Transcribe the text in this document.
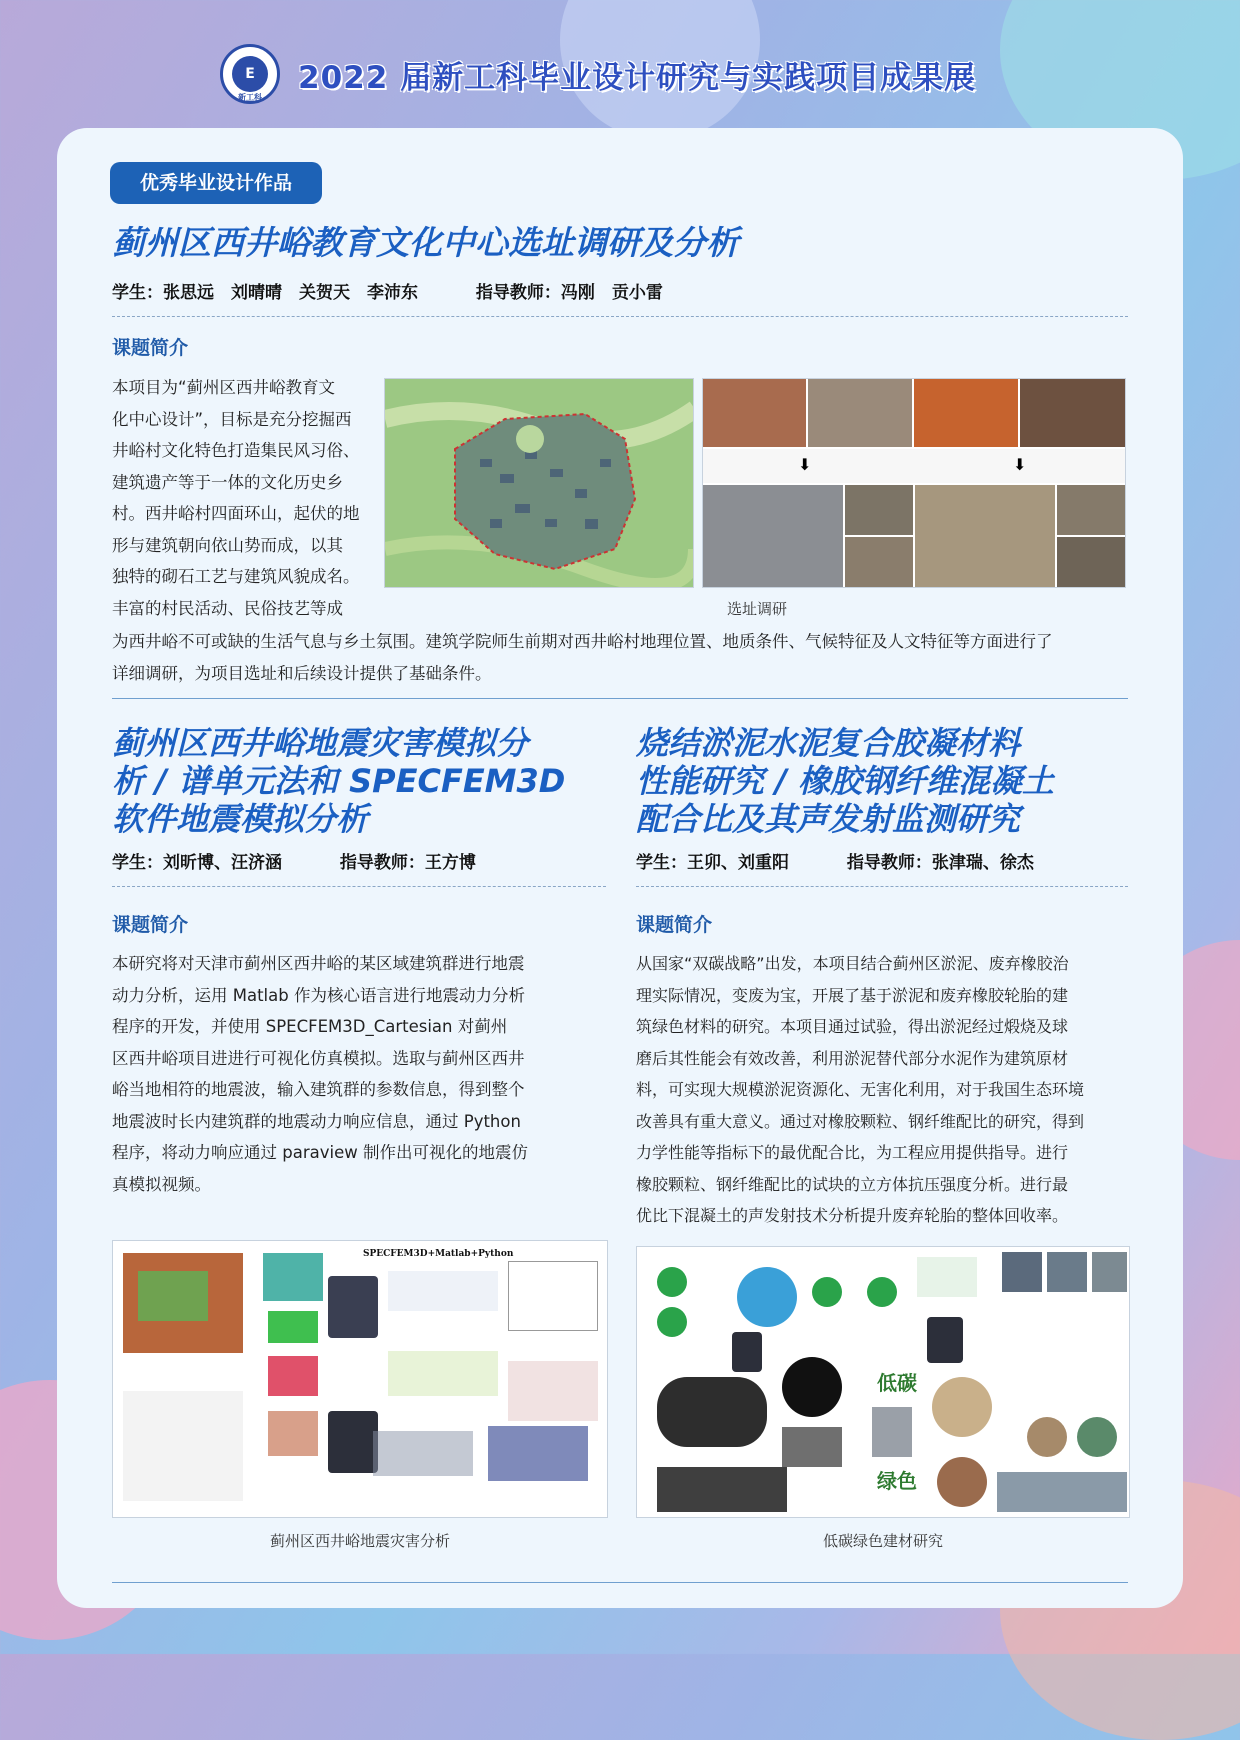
E	2022 届新工科毕业设计研究与实践项目成果展
新工科
优秀毕业设计作品
蓟州区西井峪教育文化中心选址调研及分析
学生：张思远　刘晴晴　关贺天　李沛东	指导教师：冯刚　贡小雷
课题简介
本项目为“蓟州区西井峪教育文
化中心设计”，目标是充分挖掘西
井峪村文化特色打造集民风习俗、
建筑遗产等于一体的文化历史乡
村。西井峪村四面环山，起伏的地
形与建筑朝向依山势而成，以其
独特的砌石工艺与建筑风貌成名。
丰富的村民活动、民俗技艺等成
为西井峪不可或缺的生活气息与乡土氛围。建筑学院师生前期对西井峪村地理位置、地质条件、气候特征及人文特征等方面进行了
详细调研，为项目选址和后续设计提供了基础条件。
⬇	⬇
选址调研
蓟州区西井峪地震灾害模拟分
析 / 谱单元法和 SPECFEM3D
软件地震模拟分析
学生：刘昕博、汪济涵	指导教师：王方博
课题简介
本研究将对天津市蓟州区西井峪的某区域建筑群进行地震
动力分析，运用 Matlab 作为核心语言进行地震动力分析
程序的开发，并使用 SPECFEM3D_Cartesian 对蓟州
区西井峪项目进进行可视化仿真模拟。选取与蓟州区西井
峪当地相符的地震波，输入建筑群的参数信息，得到整个
地震波时长内建筑群的地震动力响应信息，通过 Python
程序，将动力响应通过 paraview 制作出可视化的地震仿
真模拟视频。
SPECFEM3D+Matlab+Python
蓟州区西井峪地震灾害分析
烧结淤泥水泥复合胶凝材料
性能研究 / 橡胶钢纤维混凝土
配合比及其声发射监测研究
学生：王卯、刘重阳	指导教师：张津瑞、徐杰
课题简介
从国家“双碳战略”出发，本项目结合蓟州区淤泥、废弃橡胶治
理实际情况，变废为宝，开展了基于淤泥和废弃橡胶轮胎的建
筑绿色材料的研究。本项目通过试验，得出淤泥经过煅烧及球
磨后其性能会有效改善，利用淤泥替代部分水泥作为建筑原材
料，可实现大规模淤泥资源化、无害化利用，对于我国生态环境
改善具有重大意义。通过对橡胶颗粒、钢纤维配比的研究，得到
力学性能等指标下的最优配合比，为工程应用提供指导。进行
橡胶颗粒、钢纤维配比的试块的立方体抗压强度分析。进行最
优比下混凝土的声发射技术分析提升废弃轮胎的整体回收率。
低碳
绿色
低碳绿色建材研究
